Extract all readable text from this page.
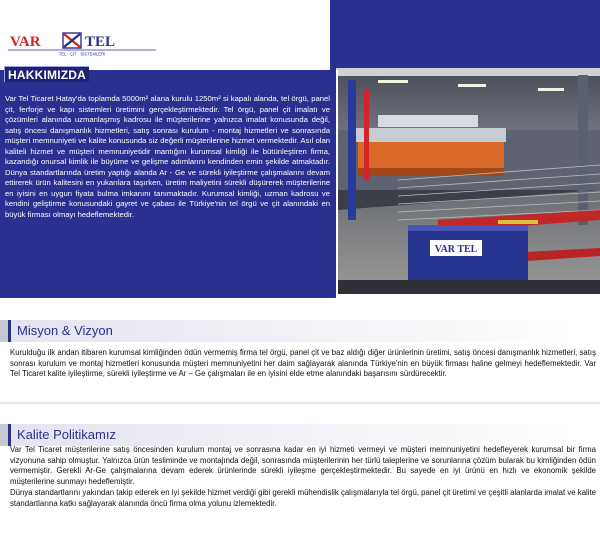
VAR	TEL
TEL · ÇİT · SİSTEMLERİ
HAKKIMIZDA
Var Tel Ticaret Hatay'da toplamda 5000m² alana kurulu 1250m² si kapalı alanda, tel örgü, panel çit, ferforje ve kapı sistemleri üretimini gerçekleştirmektedir. Tel örgü, panel çit imalatı ve çözümleri alanında uzmanlaşmış kadrosu ile müşterilerine yalnızca imalat konusunda değil, satış öncesi danışmanlık hizmetleri, satış sonrası kurulum - montaj hizmetleri ve sonrasında müşteri memnuniyeti ve kalite konusunda siz değerli müşterilerine hizmet vermektedir. Asıl olan kaliteli hizmet ve müşteri memnuniyetidir mantığını kurumsal kimliği ile bütünleştiren firma, kazandığı onursal kimlik ile büyüme ve gelişme adımlarını kendinden emin şekilde atmaktadır. Dünya standartlarında üretim yaptığı alanda Ar - Ge ve sürekli iyileştirme çalışmalarını devam ettirerek ürün kalitesini en yukarılara taşırken, üretim maliyetini sürekli düşürerek müşterilerine en iyisini en uygun fiyata bulma imkanını tanımaktadır. Kurumsal kimliği, uzman kadrosu ve kendini geliştirme konusundaki gayret ve çabası ile Türkiye'nin tel örgü ve çit alanındaki en büyük firması olmayı hedeflemektedir.
VAR TEL
Misyon & Vizyon
Kurulduğu ilk andan itibaren kurumsal kimliğinden ödün vermemiş firma tel örgü, panel çit ve baz aldığı diğer ürünlerinin üretimi, satış öncesi danışmanlık hizmetleri, satış sonrası kurulum ve montaj hizmetleri konusunda müşteri memnuniyetini her daim sağlayarak alanında Türkiye'nin en büyük firması haline gelmeyi hedeflemektedir. Var Tel Ticaret kalite iyileştirme, sürekli iyileştirme ve Ar – Ge çalışmaları ile en iyisini elde etme alanındaki başarısını sürdürecektir.
Kalite Politikamız
Var Tel Ticaret müşterilerine satış öncesinden kurulum montaj ve sonrasına kadar en iyi hizmeti vermeyi ve müşteri memnuniyetini hedefleyerek kurumsal bir firma vizyonuna sahip olmuştur. Yalnızca ürün tesliminde ve montajında değil, sonrasında müşterilerinin her türlü taleplerine ve sorunlarına çözüm bularak bu kimliğinden ödün vermemiştir. Gerekli Ar-Ge çalışmalarına devam ederek ürünlerinde sürekli iyileşme gerçekleştirmektedir. Bu sayede en iyi ürünü en hızlı ve ekonomik şekilde müşterilerine sunmayı hedeflemiştir.
Dünya standartlarını yakından takip ederek en iyi şekilde hizmet verdiği gibi gerekli mühendislik çalışmalarıyla tel örgü, panel çit üretimi ve çeşitli alanlarda imalat ve kalite standartlarına katkı sağlayarak alanında öncü firma olma yolunu izlemektedir.
